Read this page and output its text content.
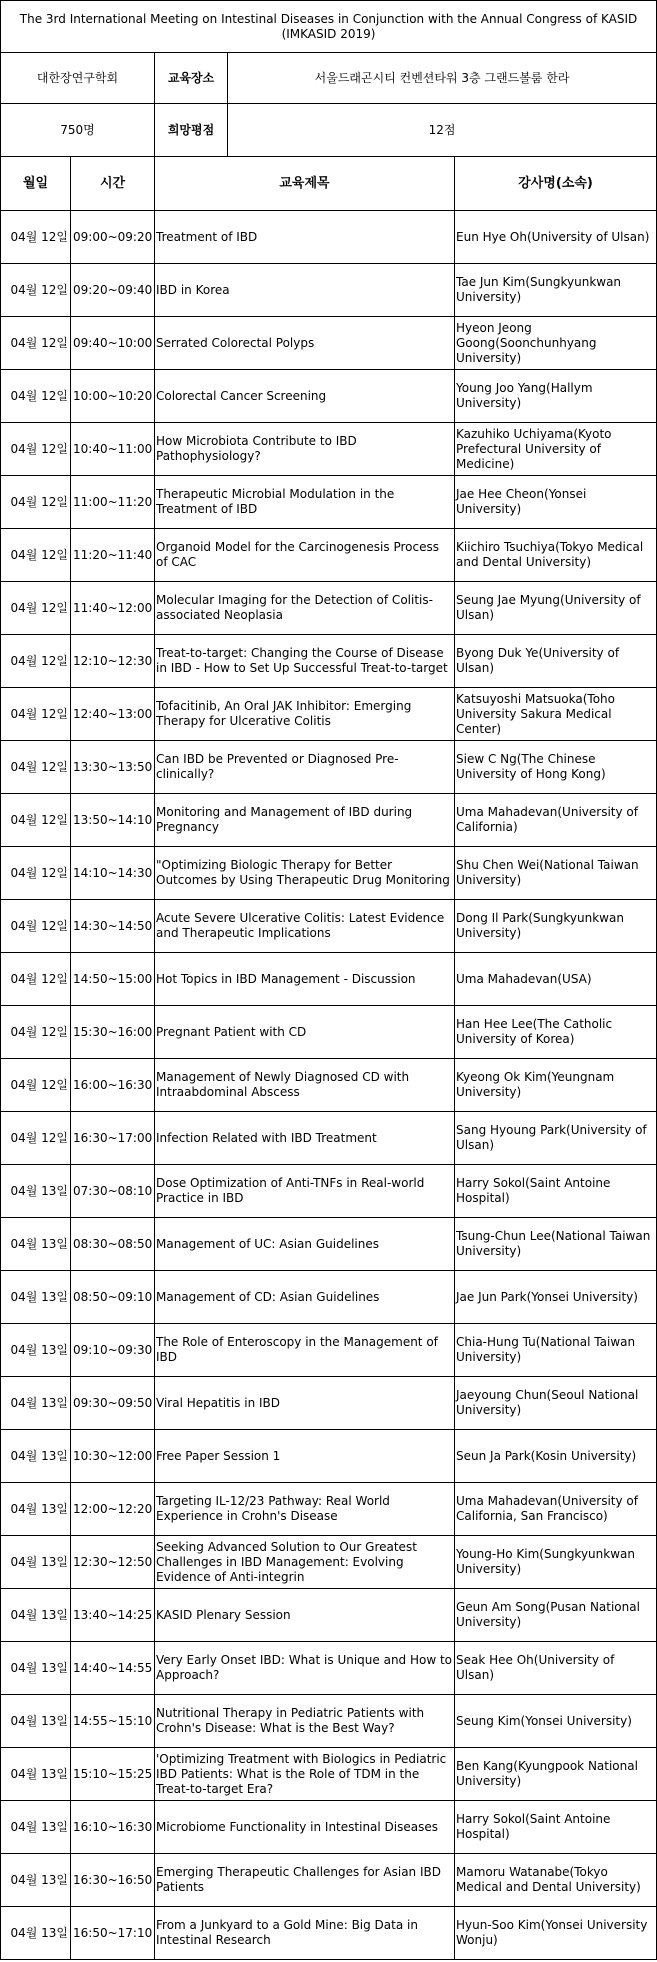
The 3rd International Meeting on Intestinal Diseases in Conjunction with the Annual Congress of KASID (IMKASID 2019)				
대한장연구학회		교육장소	서울드래곤시티 컨벤션타워 3층 그랜드볼룸 한라	
750명		희망평점	12점	
월일	시간	교육제목		강사명(소속)
04월 12일	09:00~09:20	Treatment of IBD		Eun Hye Oh(University of Ulsan)
04월 12일	09:20~09:40	IBD in Korea		Tae Jun Kim(Sungkyunkwan University)
04월 12일	09:40~10:00	Serrated Colorectal Polyps		Hyeon Jeong Goong(Soonchunhyang University)
04월 12일	10:00~10:20	Colorectal Cancer Screening		Young Joo Yang(Hallym University)
04월 12일	10:40~11:00	How Microbiota Contribute to IBD Pathophysiology?		Kazuhiko Uchiyama(Kyoto Prefectural University of Medicine)
04월 12일	11:00~11:20	Therapeutic Microbial Modulation in the Treatment of IBD		Jae Hee Cheon(Yonsei University)
04월 12일	11:20~11:40	Organoid Model for the Carcinogenesis Process of CAC		Kiichiro Tsuchiya(Tokyo Medical and Dental University)
04월 12일	11:40~12:00	Molecular Imaging for the Detection of Colitis-associated Neoplasia		Seung Jae Myung(University of Ulsan)
04월 12일	12:10~12:30	Treat-to-target: Changing the Course of Disease in IBD - How to Set Up Successful Treat-to-target		Byong Duk Ye(University of Ulsan)
04월 12일	12:40~13:00	Tofacitinib, An Oral JAK Inhibitor: Emerging Therapy for Ulcerative Colitis		Katsuyoshi Matsuoka(Toho University Sakura Medical Center)
04월 12일	13:30~13:50	Can IBD be Prevented or Diagnosed Pre-clinically?		Siew C Ng(The Chinese University of Hong Kong)
04월 12일	13:50~14:10	Monitoring and Management of IBD during Pregnancy		Uma Mahadevan(University of California)
04월 12일	14:10~14:30	"Optimizing Biologic Therapy for Better Outcomes by Using Therapeutic Drug Monitoring		Shu Chen Wei(National Taiwan University)
04월 12일	14:30~14:50	Acute Severe Ulcerative Colitis: Latest Evidence and Therapeutic Implications		Dong Il Park(Sungkyunkwan University)
04월 12일	14:50~15:00	Hot Topics in IBD Management - Discussion		Uma Mahadevan(USA)
04월 12일	15:30~16:00	Pregnant Patient with CD		Han Hee Lee(The Catholic University of Korea)
04월 12일	16:00~16:30	Management of Newly Diagnosed CD with Intraabdominal Abscess		Kyeong Ok Kim(Yeungnam University)
04월 12일	16:30~17:00	Infection Related with IBD Treatment		Sang Hyoung Park(University of Ulsan)
04월 13일	07:30~08:10	Dose Optimization of Anti-TNFs in Real-world Practice in IBD		Harry Sokol(Saint Antoine Hospital)
04월 13일	08:30~08:50	Management of UC: Asian Guidelines		Tsung-Chun Lee(National Taiwan University)
04월 13일	08:50~09:10	Management of CD: Asian Guidelines		Jae Jun Park(Yonsei University)
04월 13일	09:10~09:30	The Role of Enteroscopy in the Management of IBD		Chia-Hung Tu(National Taiwan University)
04월 13일	09:30~09:50	Viral Hepatitis in IBD		Jaeyoung Chun(Seoul National University)
04월 13일	10:30~12:00	Free Paper Session 1		Seun Ja Park(Kosin University)
04월 13일	12:00~12:20	Targeting IL-12/23 Pathway: Real World Experience in Crohn's Disease		Uma Mahadevan(University of California, San Francisco)
04월 13일	12:30~12:50	Seeking Advanced Solution to Our Greatest Challenges in IBD Management: Evolving Evidence of Anti-integrin		Young-Ho Kim(Sungkyunkwan University)
04월 13일	13:40~14:25	KASID Plenary Session		Geun Am Song(Pusan National University)
04월 13일	14:40~14:55	Very Early Onset IBD: What is Unique and How to Approach?		Seak Hee Oh(University of Ulsan)
04월 13일	14:55~15:10	Nutritional Therapy in Pediatric Patients with Crohn's Disease: What is the Best Way?		Seung Kim(Yonsei University)
04월 13일	15:10~15:25	'Optimizing Treatment with Biologics in Pediatric IBD Patients: What is the Role of TDM in the Treat-to-target Era?		Ben Kang(Kyungpook National University)
04월 13일	16:10~16:30	Microbiome Functionality in Intestinal Diseases		Harry Sokol(Saint Antoine Hospital)
04월 13일	16:30~16:50	Emerging Therapeutic Challenges for Asian IBD Patients		Mamoru Watanabe(Tokyo Medical and Dental University)
04월 13일	16:50~17:10	From a Junkyard to a Gold Mine: Big Data in Intestinal Research		Hyun-Soo Kim(Yonsei University Wonju)
